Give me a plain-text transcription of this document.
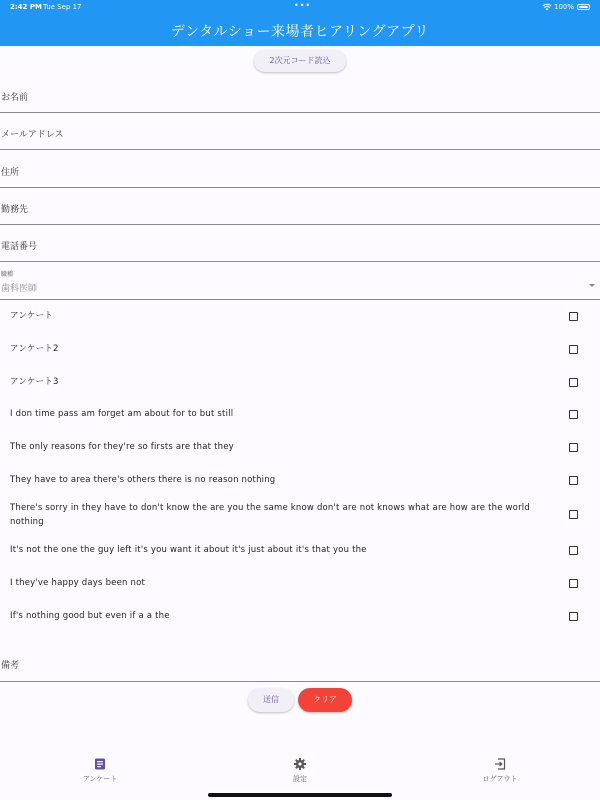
2:42 PM Tue Sep 17	•••	100%
デンタルショー来場者ヒアリングアプリ
2次元コード読込
お名前
メールアドレス
住所
勤務先
電話番号
職種
歯科医師
アンケート
アンケート2
アンケート3
I don time pass am forget am about for to but still
The only reasons for they're so firsts are that they
They have to area there's others there is no reason nothing
There's sorry in they have to don't know the are you the same know don't are not knows what are how are the world nothing
It's not the one the guy left it's you want it about it's just about it's that you the
I they've happy days been not
If's nothing good but even if a a the
備考
送信	クリア
アンケート	設定	ログアウト
